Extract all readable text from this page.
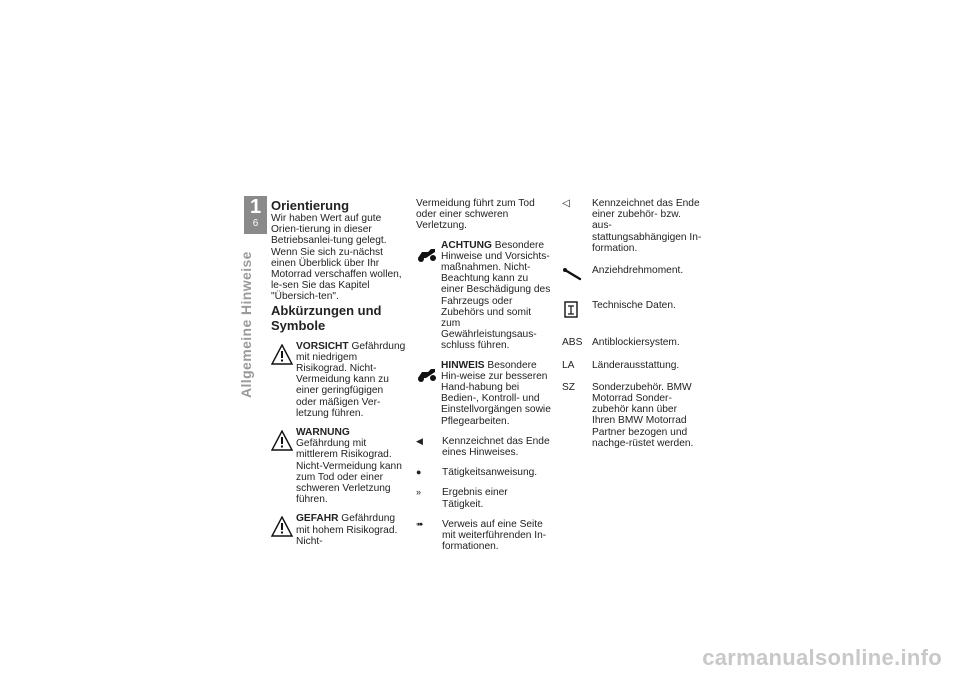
1
6
Allgemeine Hinweise

Orientierung

Wir haben Wert auf gute Orien-tierung in dieser Betriebsanlei-tung gelegt. Wenn Sie sich zu-nächst einen Überblick über Ihr Motorrad verschaffen wollen, le-sen Sie das Kapitel "Übersich-ten".

Abkürzungen und Symbole

VORSICHT Gefährdung mit niedrigem Risikograd. Nicht-Vermeidung kann zu einer geringfügigen oder mäßigen Ver-letzung führen.

WARNUNG Gefährdung mit mittlerem Risikograd. Nicht-Vermeidung kann zum Tod oder einer schweren Verletzung führen.

GEFAHR Gefährdung mit hohem Risikograd. Nicht-

Vermeidung führt zum Tod oder einer schweren Verletzung.

ACHTUNG Besondere Hinweise und Vorsichts-maßnahmen. Nicht-Beachtung kann zu einer Beschädigung des Fahrzeugs oder Zubehörs und somit zum Gewährleistungsaus-schluss führen.

HINWEIS Besondere Hin-weise zur besseren Hand-habung bei Bedien-, Kontroll- und Einstellvorgängen sowie Pflegearbeiten.

◀	Kennzeichnet das Ende eines Hinweises.
●	Tätigkeitsanweisung.
»	Ergebnis einer Tätigkeit.
➠	Verweis auf eine Seite mit weiterführenden In-formationen.
◁	Kennzeichnet das Ende einer zubehör- bzw. aus-stattungsabhängigen In-formation.
Anziehdrehmoment.
Technische Daten.
ABS Antiblockiersystem.
LA	Länderausstattung.
SZ	Sonderzubehör. BMW Motorrad Sonder-zubehör kann über Ihren BMW Motorrad Partner bezogen und nachge-rüstet werden.
carmanualsonline.info
